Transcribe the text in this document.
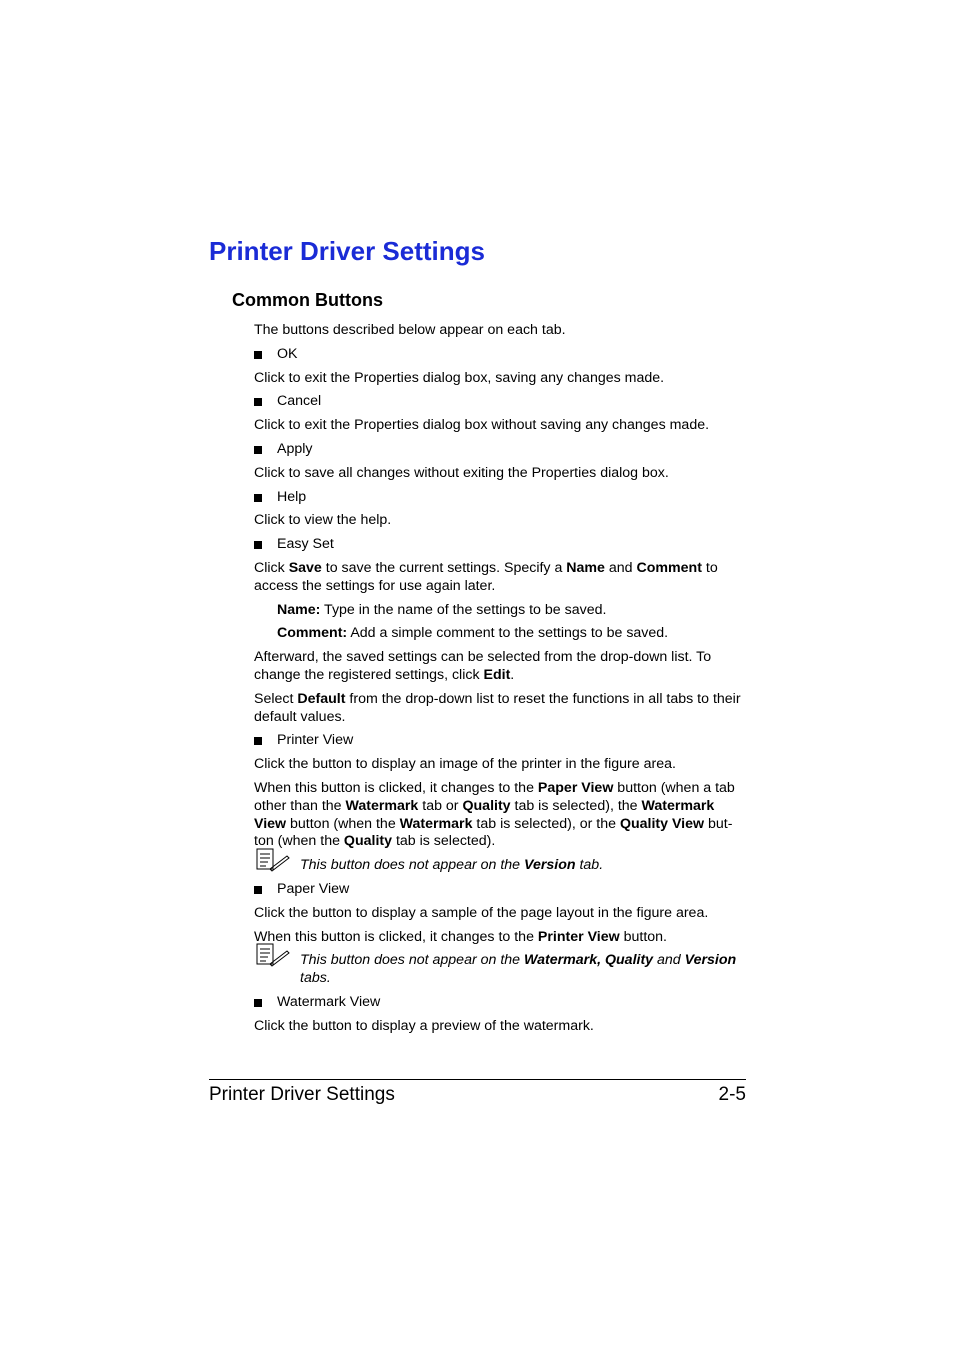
Printer Driver Settings
Common Buttons

The buttons described below appear on each tab.

OK

Click to exit the Properties dialog box, saving any changes made.

Cancel

Click to exit the Properties dialog box without saving any changes made.

Apply

Click to save all changes without exiting the Properties dialog box.

Help

Click to view the help.

Easy Set

Click Save to save the current settings. Specify a Name and Comment to access the settings for use again later.

Name: Type in the name of the settings to be saved.

Comment: Add a simple comment to the settings to be saved.

Afterward, the saved settings can be selected from the drop-down list. To change the registered settings, click Edit.

Select Default from the drop-down list to reset the functions in all tabs to their default values.

Printer View

Click the button to display an image of the printer in the figure area.

When this button is clicked, it changes to the Paper View button (when a tab other than the Watermark tab or Quality tab is selected), the Watermark View button (when the Watermark tab is selected), or the Quality View but-ton (when the Quality tab is selected).

This button does not appear on the Version tab.
Paper View

Click the button to display a sample of the page layout in the figure area.

When this button is clicked, it changes to the Printer View button.

This button does not appear on the Watermark, Quality and Version tabs.
Watermark View

Click the button to display a preview of the watermark.

Printer Driver Settings	2-5
